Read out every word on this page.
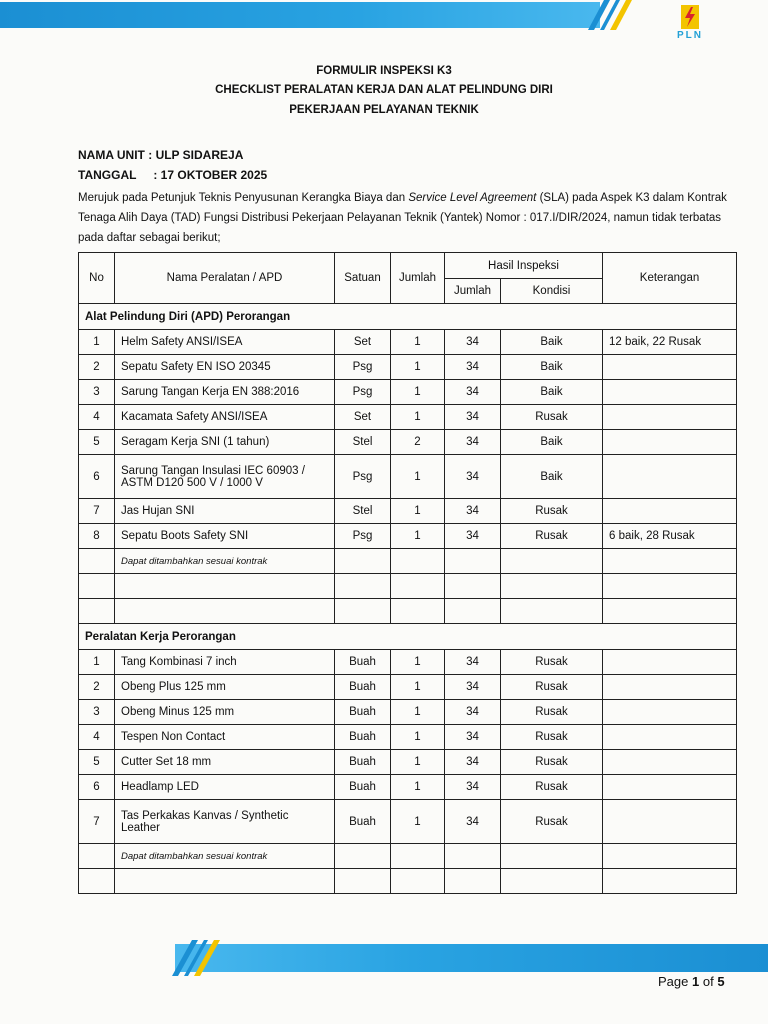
PLN
FORMULIR INSPEKSI K3
CHECKLIST PERALATAN KERJA DAN ALAT PELINDUNG DIRI
PEKERJAAN PELAYANAN TEKNIK
NAMA UNIT : ULP SIDAREJA
TANGGAL : 17 OKTOBER 2025
Merujuk pada Petunjuk Teknis Penyusunan Kerangka Biaya dan Service Level Agreement (SLA) pada Aspek K3 dalam Kontrak Tenaga Alih Daya (TAD) Fungsi Distribusi Pekerjaan Pelayanan Teknik (Yantek) Nomor : 017.I/DIR/2024, namun tidak terbatas pada daftar sebagai berikut;
No	Nama Peralatan / APD	Satuan	Jumlah	Hasil Inspeksi		Keterangan
				Jumlah	Kondisi	
Alat Pelindung Diri (APD) Perorangan						
1	Helm Safety ANSI/ISEA	Set	1	34	Baik	12 baik, 22 Rusak
2	Sepatu Safety EN ISO 20345	Psg	1	34	Baik	
3	Sarung Tangan Kerja EN 388:2016	Psg	1	34	Baik	
4	Kacamata Safety ANSI/ISEA	Set	1	34	Rusak	
5	Seragam Kerja SNI (1 tahun)	Stel	2	34	Baik	
6	Sarung Tangan Insulasi IEC 60903 / ASTM D120 500 V / 1000 V	Psg	1	34	Baik	
7	Jas Hujan SNI	Stel	1	34	Rusak	
8	Sepatu Boots Safety SNI	Psg	1	34	Rusak	6 baik, 28 Rusak
	Dapat ditambahkan sesuai kontrak					

Peralatan Kerja Perorangan						
1	Tang Kombinasi 7 inch	Buah	1	34	Rusak	
2	Obeng Plus 125 mm	Buah	1	34	Rusak	
3	Obeng Minus 125 mm	Buah	1	34	Rusak	
4	Tespen Non Contact	Buah	1	34	Rusak	
5	Cutter Set 18 mm	Buah	1	34	Rusak	
6	Headlamp LED	Buah	1	34	Rusak	
7	Tas Perkakas Kanvas / Synthetic Leather	Buah	1	34	Rusak	
	Dapat ditambahkan sesuai kontrak					

Page 1 of 5
